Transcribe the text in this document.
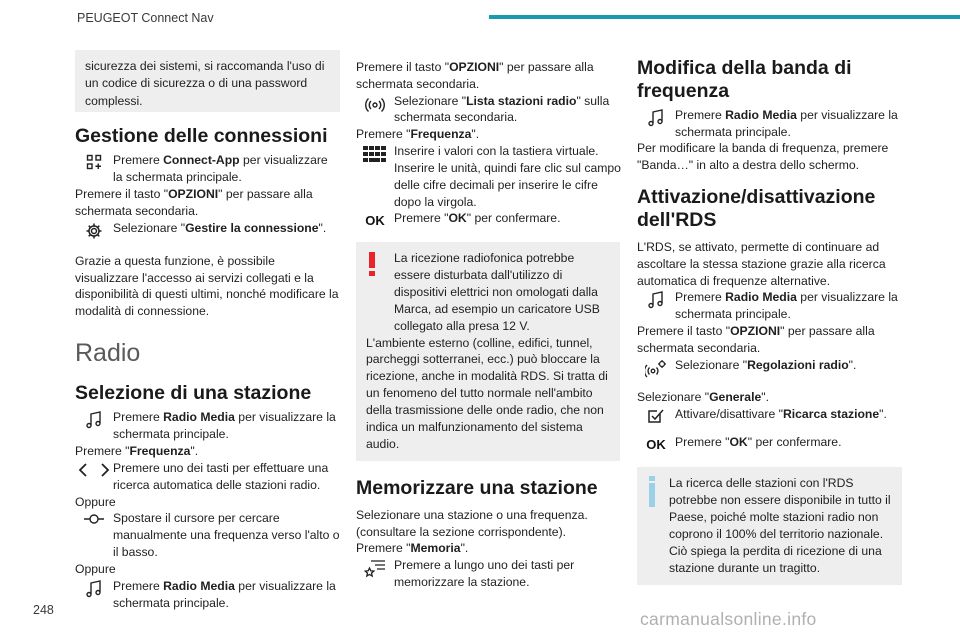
PEUGEOT Connect Nav

sicurezza dei sistemi, si raccomanda l'uso di un codice di sicurezza o di una password complessi.

Gestione delle connessioni
Premere Connect-App per visualizzare la schermata principale.

Premere il tasto "OPZIONI" per passare alla schermata secondaria.

Selezionare "Gestire la connessione".

Grazie a questa funzione, è possibile visualizzare l'accesso ai servizi collegati e la disponibilità di questi ultimi, nonché modificare la modalità di connessione.

Radio
Selezione di una stazione
Premere Radio Media per visualizzare la schermata principale.

Premere "Frequenza".

Premere uno dei tasti per effettuare una ricerca automatica delle stazioni radio.

Oppure

Spostare il cursore per cercare manualmente una frequenza verso l'alto o il basso.

Oppure

Premere Radio Media per visualizzare la schermata principale.

Premere il tasto "OPZIONI" per passare alla schermata secondaria.

Selezionare "Lista stazioni radio" sulla schermata secondaria.

Premere "Frequenza".

Inserire i valori con la tastiera virtuale. Inserire le unità, quindi fare clic sul campo delle cifre decimali per inserire le cifre dopo la virgola.
OK Premere "OK" per confermare.

La ricezione radiofonica potrebbe essere disturbata dall'utilizzo di dispositivi elettrici non omologati dalla Marca, ad esempio un caricatore USB collegato alla presa 12 V.

L'ambiente esterno (colline, edifici, tunnel, parcheggi sotterranei, ecc.) può bloccare la ricezione, anche in modalità RDS. Si tratta di un fenomeno del tutto normale nell'ambito della trasmissione delle onde radio, che non indica un malfunzionamento del sistema audio.

Memorizzare una stazione

Selezionare una stazione o una frequenza. (consultare la sezione corrispondente).

Premere "Memoria".

Premere a lungo uno dei tasti per memorizzare la stazione.
Modifica della banda di frequenza
Premere Radio Media per visualizzare la schermata principale.

Per modificare la banda di frequenza, premere "Banda…" in alto a destra dello schermo.

Attivazione/disattivazione dell'RDS

L'RDS, se attivato, permette di continuare ad ascoltare la stessa stazione grazie alla ricerca automatica di frequenze alternative.

Premere Radio Media per visualizzare la schermata principale.

Premere il tasto "OPZIONI" per passare alla schermata secondaria.

Selezionare "Regolazioni radio".

Selezionare "Generale".

Attivare/disattivare "Ricarca stazione".
OK Premere "OK" per confermare.

La ricerca delle stazioni con l'RDS potrebbe non essere disponibile in tutto il Paese, poiché molte stazioni radio non coprono il 100% del territorio nazionale. Ciò spiega la perdita di ricezione di una stazione durante un tragitto.

248	carmanualsonline.info
